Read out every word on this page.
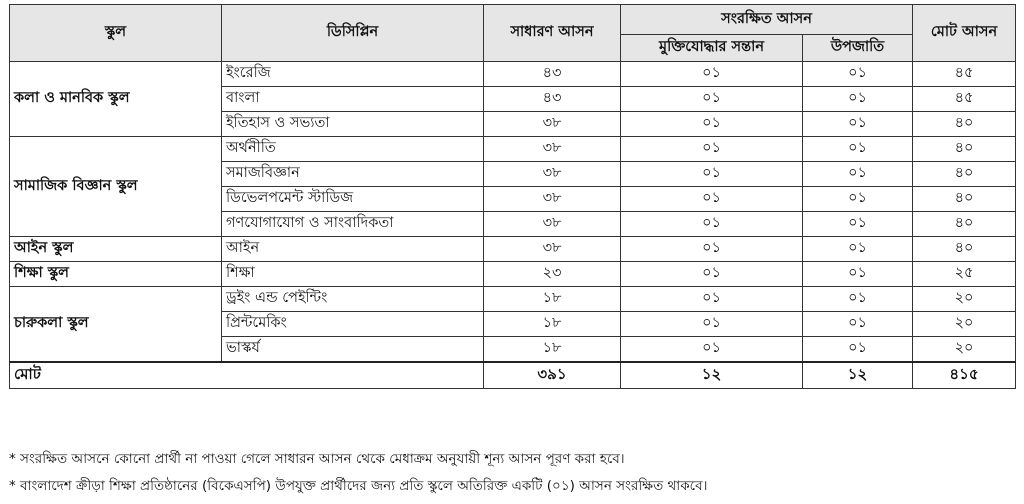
স্কুল	ডিসিপ্লিন	সাধারণ আসন	সংরক্ষিত আসন		মোট আসন
			মুক্তিযোদ্ধার সন্তান	উপজাতি	
কলা ও মানবিক স্কুল	ইংরেজি	৪৩	০১	০১	৪৫
	বাংলা	৪৩	০১	০১	৪৫
	ইতিহাস ও সভ্যতা	৩৮	০১	০১	৪০
সামাজিক বিজ্ঞান স্কুল	অর্থনীতি	৩৮	০১	০১	৪০
	সমাজবিজ্ঞান	৩৮	০১	০১	৪০
	ডিভেলপমেন্ট স্টাডিজ	৩৮	০১	০১	৪০
	গণযোগাযোগ ও সাংবাদিকতা	৩৮	০১	০১	৪০
আইন স্কুল	আইন	৩৮	০১	০১	৪০
শিক্ষা স্কুল	শিক্ষা	২৩	০১	০১	২৫
চারুকলা স্কুল	ড্রইং এন্ড পেইন্টিং	১৮	০১	০১	২০
	প্রিন্টমেকিং	১৮	০১	০১	২০
	ভাস্কর্য	১৮	০১	০১	২০
মোট		৩৯১	১২	১২	৪১৫
* সংরক্ষিত আসনে কোনো প্রার্থী না পাওয়া গেলে সাধারন আসন থেকে মেধাক্রম অনুযায়ী শূন্য আসন পূরণ করা হবে।
* বাংলাদেশ ক্রীড়া শিক্ষা প্রতিষ্ঠানের (বিকেএসপি) উপযুক্ত প্রার্থীদের জন্য প্রতি স্কুলে অতিরিক্ত একটি (০১) আসন সংরক্ষিত থাকবে।
